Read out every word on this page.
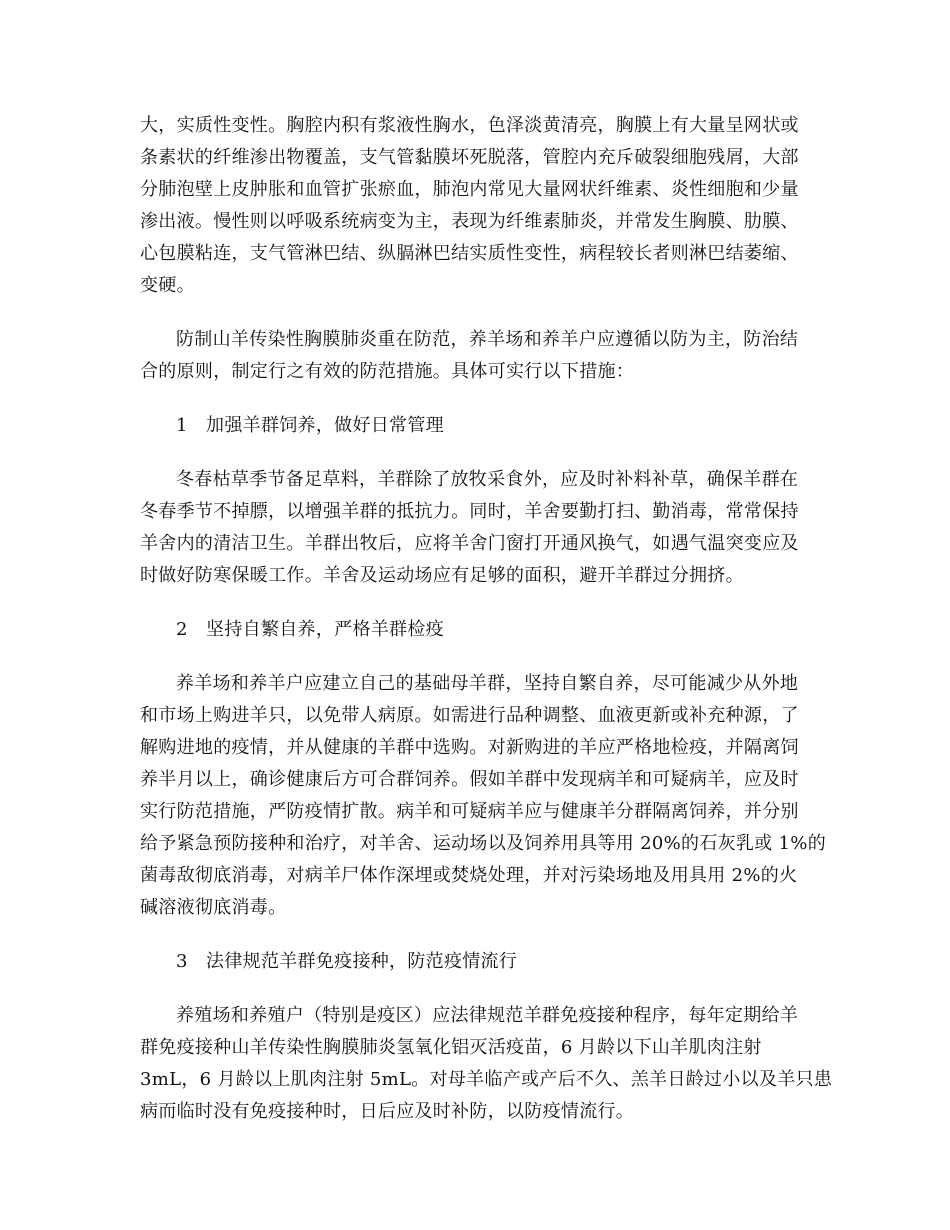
大，实质性变性。胸腔内积有浆液性胸水，色泽淡黄清亮，胸膜上有大量呈网状或
条素状的纤维渗出物覆盖，支气管黏膜坏死脱落，管腔内充斥破裂细胞残屑，大部
分肺泡壁上皮肿胀和血管扩张瘀血，肺泡内常见大量网状纤维素、炎性细胞和少量
渗出液。慢性则以呼吸系统病变为主，表现为纤维素肺炎，并常发生胸膜、肋膜、
心包膜粘连，支气管淋巴结、纵膈淋巴结实质性变性，病程较长者则淋巴结萎缩、
变硬。
防制山羊传染性胸膜肺炎重在防范，养羊场和养羊户应遵循以防为主，防治结
合的原则，制定行之有效的防范措施。具体可实行以下措施：
1　加强羊群饲养，做好日常管理
冬春枯草季节备足草料，羊群除了放牧采食外，应及时补料补草，确保羊群在
冬春季节不掉膘，以增强羊群的抵抗力。同时，羊舍要勤打扫、勤消毒，常常保持
羊舍内的清洁卫生。羊群出牧后，应将羊舍门窗打开通风换气，如遇气温突变应及
时做好防寒保暖工作。羊舍及运动场应有足够的面积，避开羊群过分拥挤。
2　坚持自繁自养，严格羊群检疫
养羊场和养羊户应建立自己的基础母羊群，坚持自繁自养，尽可能减少从外地
和市场上购进羊只，以免带人病原。如需进行品种调整、血液更新或补充种源，了
解购进地的疫情，并从健康的羊群中选购。对新购进的羊应严格地检疫，并隔离饲
养半月以上，确诊健康后方可合群饲养。假如羊群中发现病羊和可疑病羊，应及时
实行防范措施，严防疫情扩散。病羊和可疑病羊应与健康羊分群隔离饲养，并分别
给予紧急预防接种和治疗，对羊舍、运动场以及饲养用具等用 20%的石灰乳或 1%的
菌毒敌彻底消毒，对病羊尸体作深埋或焚烧处理，并对污染场地及用具用 2%的火
碱溶液彻底消毒。
3　法律规范羊群免疫接种，防范疫情流行
养殖场和养殖户（特别是疫区）应法律规范羊群免疫接种程序，每年定期给羊
群免疫接种山羊传染性胸膜肺炎氢氧化铝灭活疫苗，6 月龄以下山羊肌肉注射
3mL，6 月龄以上肌肉注射 5mL。对母羊临产或产后不久、羔羊日龄过小以及羊只患
病而临时没有免疫接种时，日后应及时补防，以防疫情流行。
